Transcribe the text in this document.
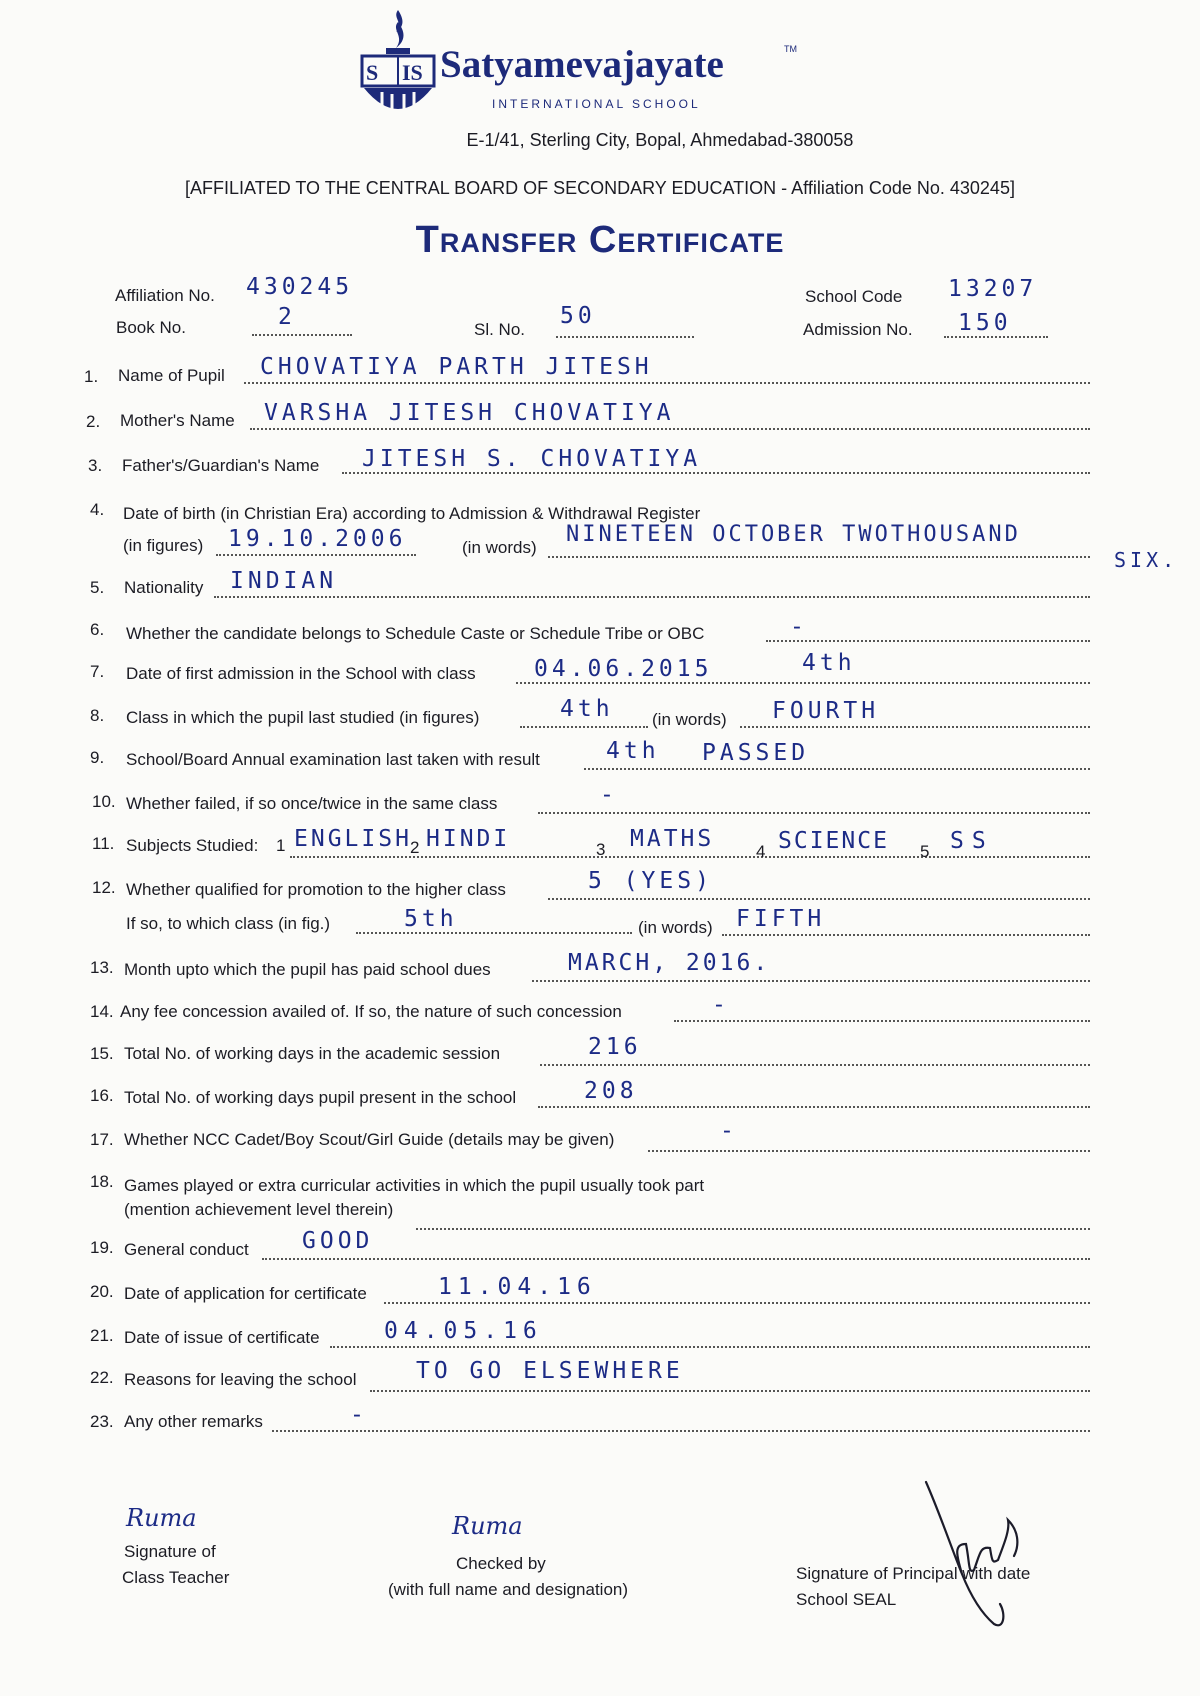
S IS Satyamevajayate	TM
INTERNATIONAL SCHOOL
E-1/41, Sterling City, Bopal, Ahmedabad-380058
[AFFILIATED TO THE CENTRAL BOARD OF SECONDARY EDUCATION - Affiliation Code No. 430245]
Transfer Certificate
Affiliation No. 430245	School Code 13207
Book No.	2	Sl. No.
50
Admission No. 150
1. Name of Pupil CHOVATIYA PARTH JITESH
2. Mother's Name VARSHA JITESH CHOVATIYA
3. Father's/Guardian's Name JITESH S. CHOVATIYA
4. Date of birth (in Christian Era) according to Admission & Withdrawal Register
(in figures) 19.10.2006	(in words)
NINETEEN OCTOBER TWOTHOUSAND
SIX.
5. Nationality INDIAN
6. Whether the candidate belongs to Schedule Caste or Schedule Tribe or OBC	-
7. Date of first admission in the School with class	04.06.2015	4th
8. Class in which the pupil last studied (in figures)	4th (in words) FOURTH
9. School/Board Annual examination last taken with result	4th PASSED
10. Whether failed, if so once/twice in the same class	-
11. Subjects Studied: 1 ENGLISH
2 HINDI	3 MATHS 4 SCIENCE 5 SS
12. Whether qualified for promotion to the higher class	5 (YES)
If so, to which class (in fig.)	5th	(in words) FIFTH
13. Month upto which the pupil has paid school dues	MARCH, 2016.
14. Any fee concession availed of. If so, the nature of such concession	-
15. Total No. of working days in the academic session	216
16. Total No. of working days pupil present in the school	208
17. Whether NCC Cadet/Boy Scout/Girl Guide (details may be given)	-
18. Games played or extra curricular activities in which the pupil usually took part
(mention achievement level therein)
19. General conduct GOOD
20. Date of application for certificate	11.04.16
21. Date of issue of certificate	04.05.16
22. Reasons for leaving the school	TO GO ELSEWHERE
23. Any other remarks	-
Ruma
Signature of
Class Teacher
Ruma
Checked by
(with full name and designation)
Signature of Principal with date
School SEAL
